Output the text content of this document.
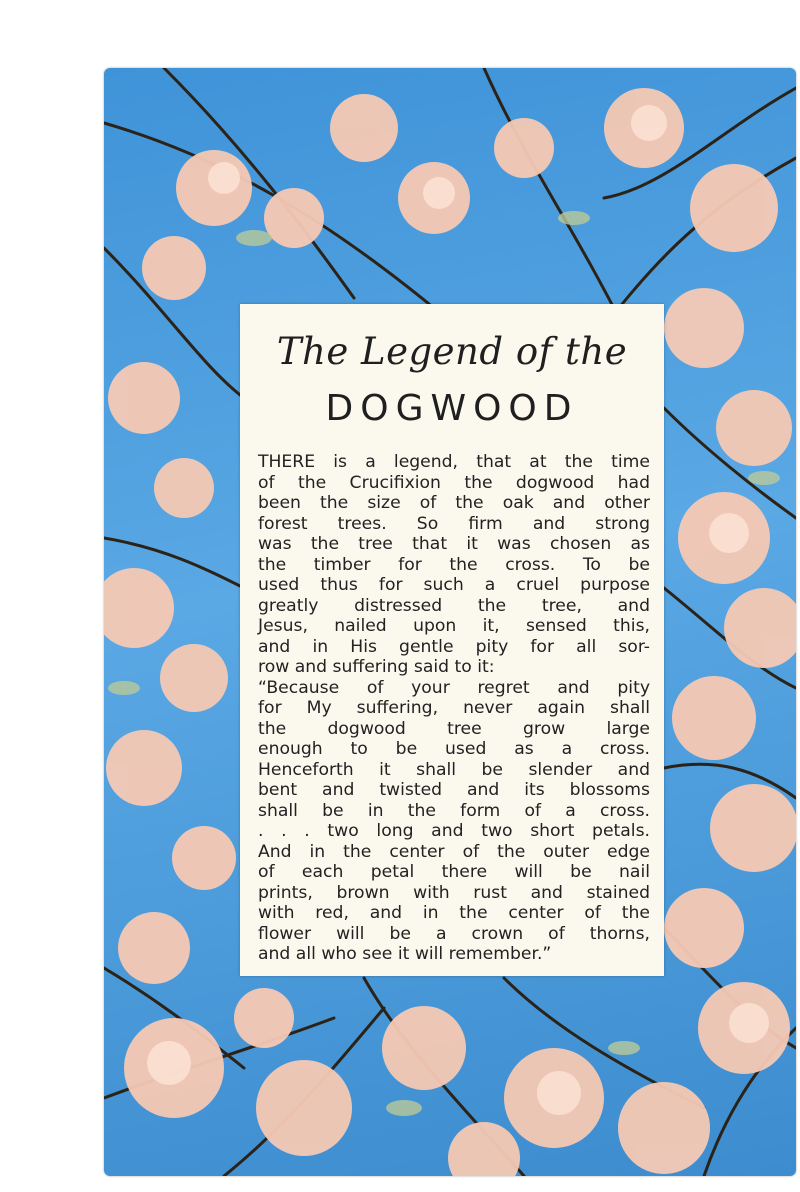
The Legend of the
DOGWOOD
THERE is a legend, that at the time
of the Crucifixion the dogwood had
been the size of the oak and other
forest trees. So firm and strong
was the tree that it was chosen as
the timber for the cross. To be
used thus for such a cruel purpose
greatly distressed the tree, and
Jesus, nailed upon it, sensed this,
and in His gentle pity for all sor-
row and suffering said to it:
“Because of your regret and pity
for My suffering, never again shall
the dogwood tree grow large
enough to be used as a cross.
Henceforth it shall be slender and
bent and twisted and its blossoms
shall be in the form of a cross.
. . . two long and two short petals.
And in the center of the outer edge
of each petal there will be nail
prints, brown with rust and stained
with red, and in the center of the
flower will be a crown of thorns,
and all who see it will remember.”
